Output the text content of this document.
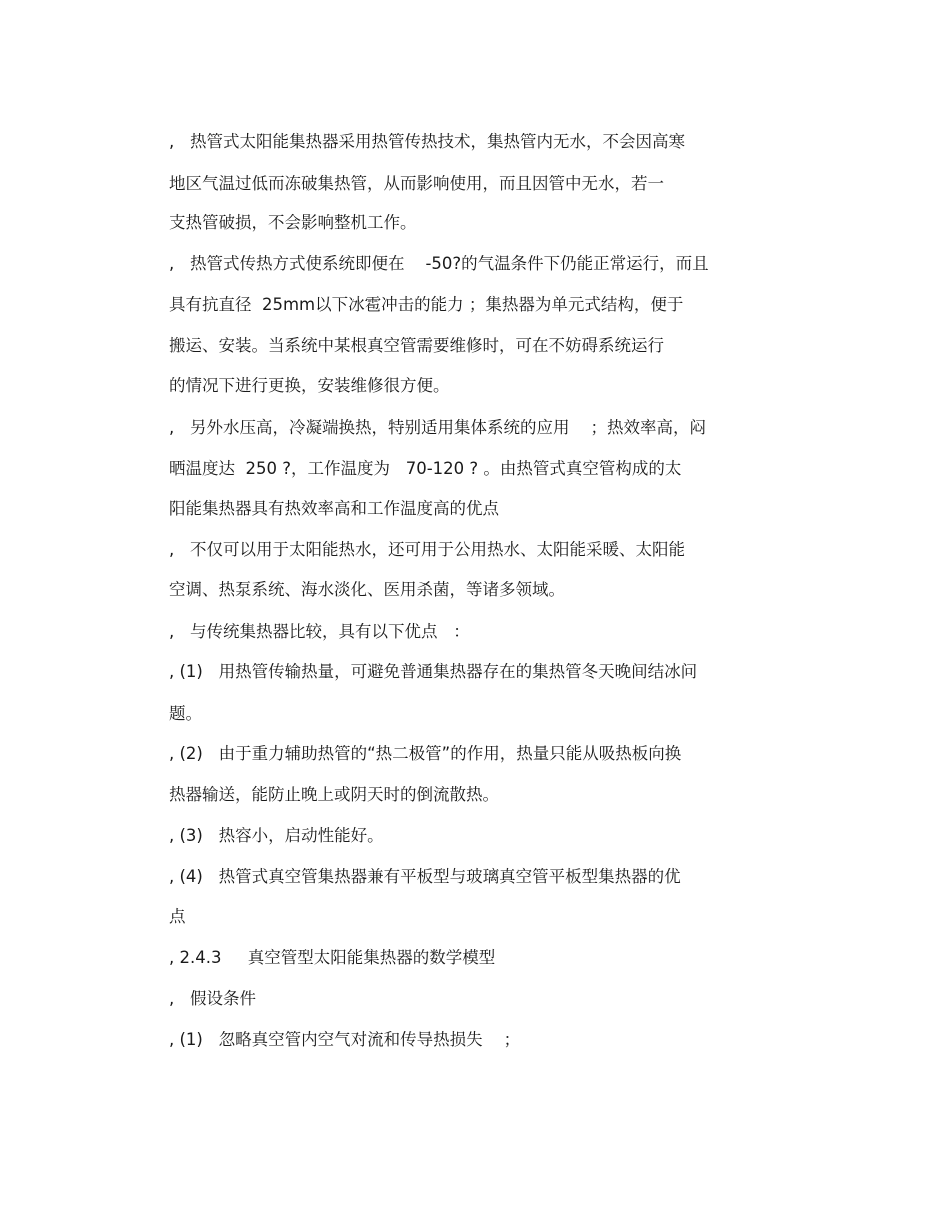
,   热管式太阳能集热器采用热管传热技术，集热管内无水，不会因高寒

地区气温过低而冻破集热管，从而影响使用，而且因管中无水，若一

支热管破损，不会影响整机工作。

,   热管式传热方式使系统即便在    -50?的气温条件下仍能正常运行，而且

具有抗直径  25mm以下冰雹冲击的能力 ；集热器为单元式结构，便于

搬运、安装。当系统中某根真空管需要维修时，可在不妨碍系统运行

的情况下进行更换，安装维修很方便。

,   另外水压高，冷凝端换热，特别适用集体系统的应用    ；热效率高，闷

晒温度达  250 ?，工作温度为   70-120 ? 。由热管式真空管构成的太

阳能集热器具有热效率高和工作温度高的优点

,   不仅可以用于太阳能热水，还可用于公用热水、太阳能采暖、太阳能

空调、热泵系统、海水淡化、医用杀菌，等诸多领域。

,   与传统集热器比较，具有以下优点   ：

, (1)   用热管传输热量，可避免普通集热器存在的集热管冬天晚间结冰问

题。

, (2)   由于重力辅助热管的“热二极管”的作用，热量只能从吸热板向换

热器输送，能防止晚上或阴天时的倒流散热。

, (3)   热容小，启动性能好。

, (4)   热管式真空管集热器兼有平板型与玻璃真空管平板型集热器的优

点

, 2.4.3     真空管型太阳能集热器的数学模型

,   假设条件

, (1)   忽略真空管内空气对流和传导热损失    ；
